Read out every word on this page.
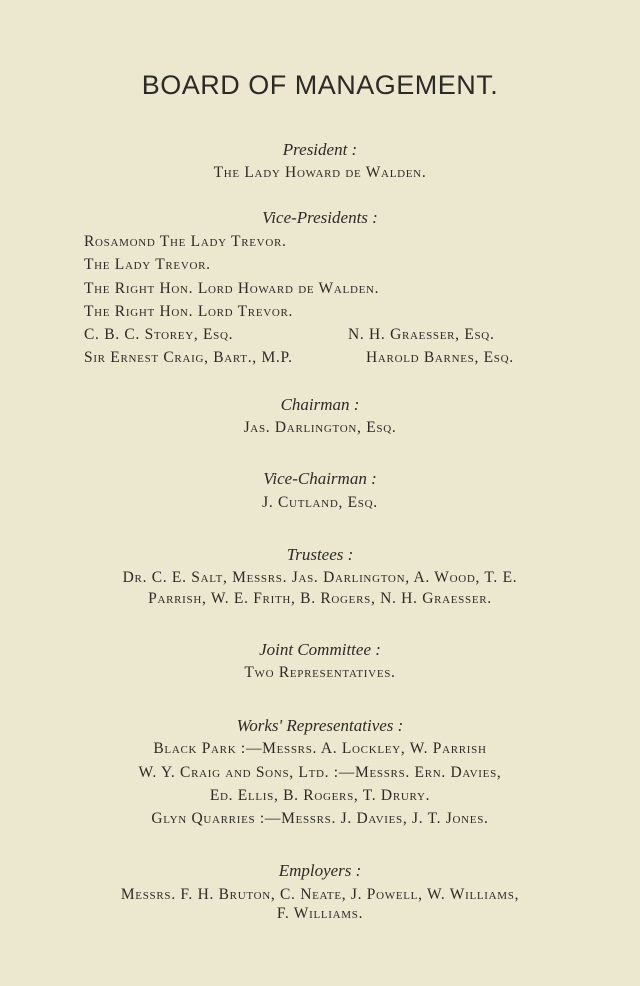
BOARD OF MANAGEMENT.
President :
The Lady Howard de Walden.
Vice-Presidents :
Rosamond The Lady Trevor.
The Lady Trevor.
The Right Hon. Lord Howard de Walden.
The Right Hon. Lord Trevor.
C. B. C. Storey, Esq.	N. H. Graesser, Esq.
Sir Ernest Craig, Bart., M.P.	Harold Barnes, Esq.
Chairman :
Jas. Darlington, Esq.
Vice-Chairman :
J. Cutland, Esq.
Trustees :
Dr. C. E. Salt, Messrs. Jas. Darlington, A. Wood, T. E.
Parrish, W. E. Frith, B. Rogers, N. H. Graesser.
Joint Committee :
Two Representatives.
Works' Representatives :
Black Park :—Messrs. A. Lockley, W. Parrish
W. Y. Craig and Sons, Ltd. :—Messrs. Ern. Davies,
Ed. Ellis, B. Rogers, T. Drury.
Glyn Quarries :—Messrs. J. Davies, J. T. Jones.
Employers :
Messrs. F. H. Bruton, C. Neate, J. Powell, W. Williams,
F. Williams.
